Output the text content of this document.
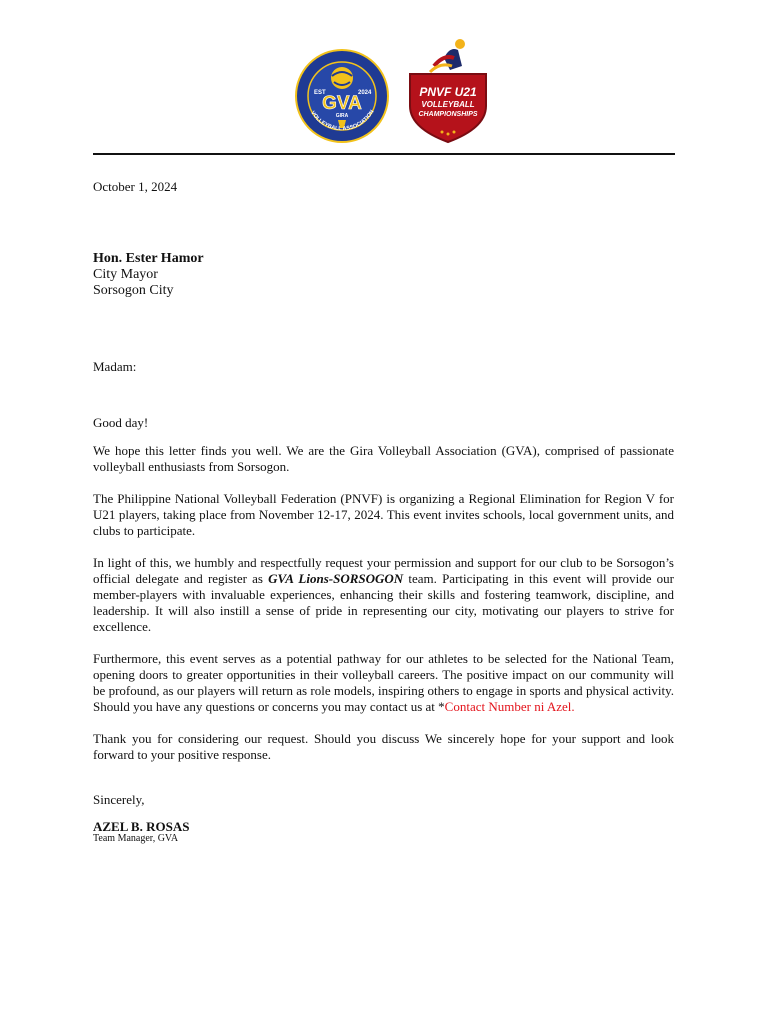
EST	2024
GVA
GIRA
VOLLEYBALL ASSOCIATION
PNVF U21
VOLLEYBALL
CHAMPIONSHIPS
October 1, 2024
Hon. Ester Hamor
City Mayor
Sorsogon City
Madam:

Good day!

We hope this letter finds you well. We are the Gira Volleyball Association (GVA), comprised of passionate volleyball enthusiasts from Sorsogon.

The Philippine National Volleyball Federation (PNVF) is organizing a Regional Elimination for Region V for U21 players, taking place from November 12-17, 2024. This event invites schools, local government units, and clubs to participate.

In light of this, we humbly and respectfully request your permission and support for our club to be Sorsogon’s official delegate and register as GVA Lions-SORSOGON team. Participating in this event will provide our member-players with invaluable experiences, enhancing their skills and fostering teamwork, discipline, and leadership. It will also instill a sense of pride in representing our city, motivating our players to strive for excellence.

Furthermore, this event serves as a potential pathway for our athletes to be selected for the National Team, opening doors to greater opportunities in their volleyball careers. The positive impact on our community will be profound, as our players will return as role models, inspiring others to engage in sports and physical activity. Should you have any questions or concerns you may contact us at *Contact Number ni Azel.

Thank you for considering our request. Should you discuss We sincerely hope for your support and look forward to your positive response.

Sincerely,
AZEL B. ROSAS
Team Manager, GVA
